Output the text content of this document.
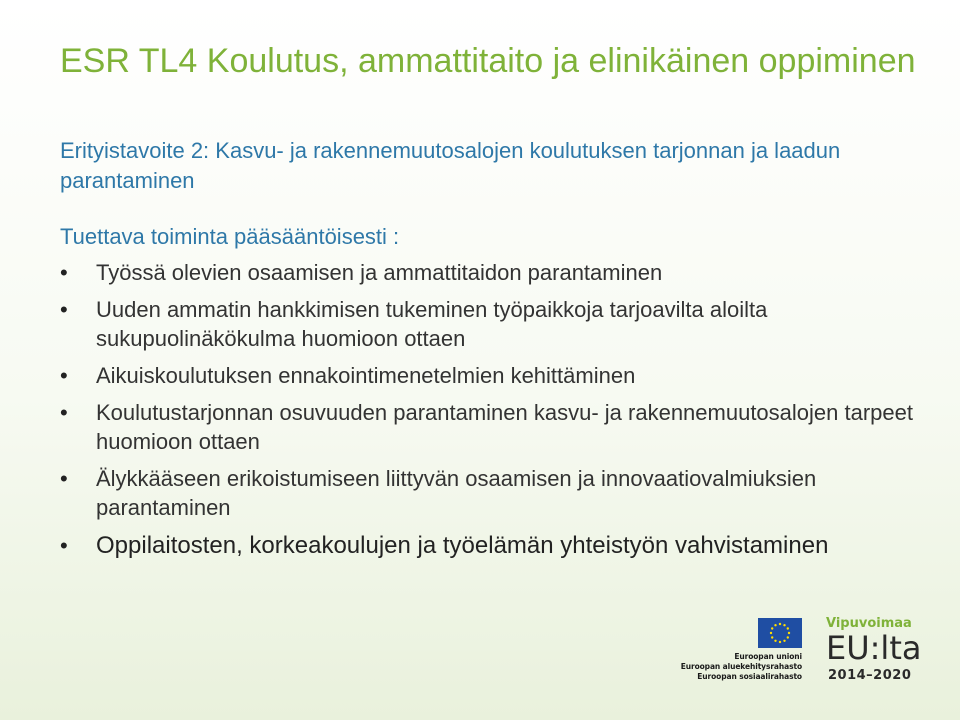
ESR TL4 Koulutus, ammattitaito ja elinikäinen oppiminen

Erityistavoite 2: Kasvu- ja rakennemuutosalojen koulutuksen tarjonnan ja laadun parantaminen

Tuettava toiminta pääsääntöisesti :

•	Työssä olevien osaamisen ja ammattitaidon parantaminen
•	Uuden ammatin hankkimisen tukeminen työpaikkoja tarjoavilta aloilta sukupuolinäkökulma huomioon ottaen
•	Aikuiskoulutuksen ennakointimenetelmien kehittäminen
•	Koulutustarjonnan osuvuuden parantaminen kasvu- ja rakennemuutosalojen tarpeet huomioon ottaen
•	Älykkääseen erikoistumiseen liittyvän osaamisen ja innovaatiovalmiuksien parantaminen
•	Oppilaitosten, korkeakoulujen ja työelämän yhteistyön vahvistaminen
Euroopan unioni
Euroopan aluekehitysrahasto
Euroopan sosiaalirahasto
Vipuvoimaa
EU:lta
2014–2020
